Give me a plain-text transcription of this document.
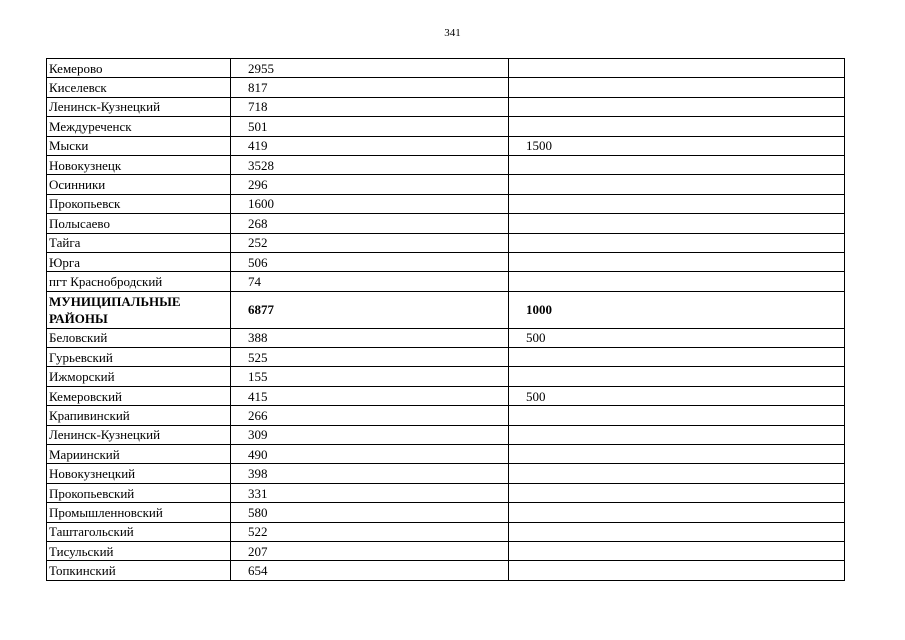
341
Кемерово	2955	
Киселевск	817	
Ленинск-Кузнецкий	718	
Междуреченск	501	
Мыски	419	1500
Новокузнецк	3528	
Осинники	296	
Прокопьевск	1600	
Полысаево	268	
Тайга	252	
Юрга	506	
пгт Краснобродский	74	
МУНИЦИПАЛЬНЫЕ РАЙОНЫ	6877	1000
Беловский	388	500
Гурьевский	525	
Ижморский	155	
Кемеровский	415	500
Крапивинский	266	
Ленинск-Кузнецкий	309	
Мариинский	490	
Новокузнецкий	398	
Прокопьевский	331	
Промышленновский	580	
Таштагольский	522	
Тисульский	207	
Топкинский	654	
